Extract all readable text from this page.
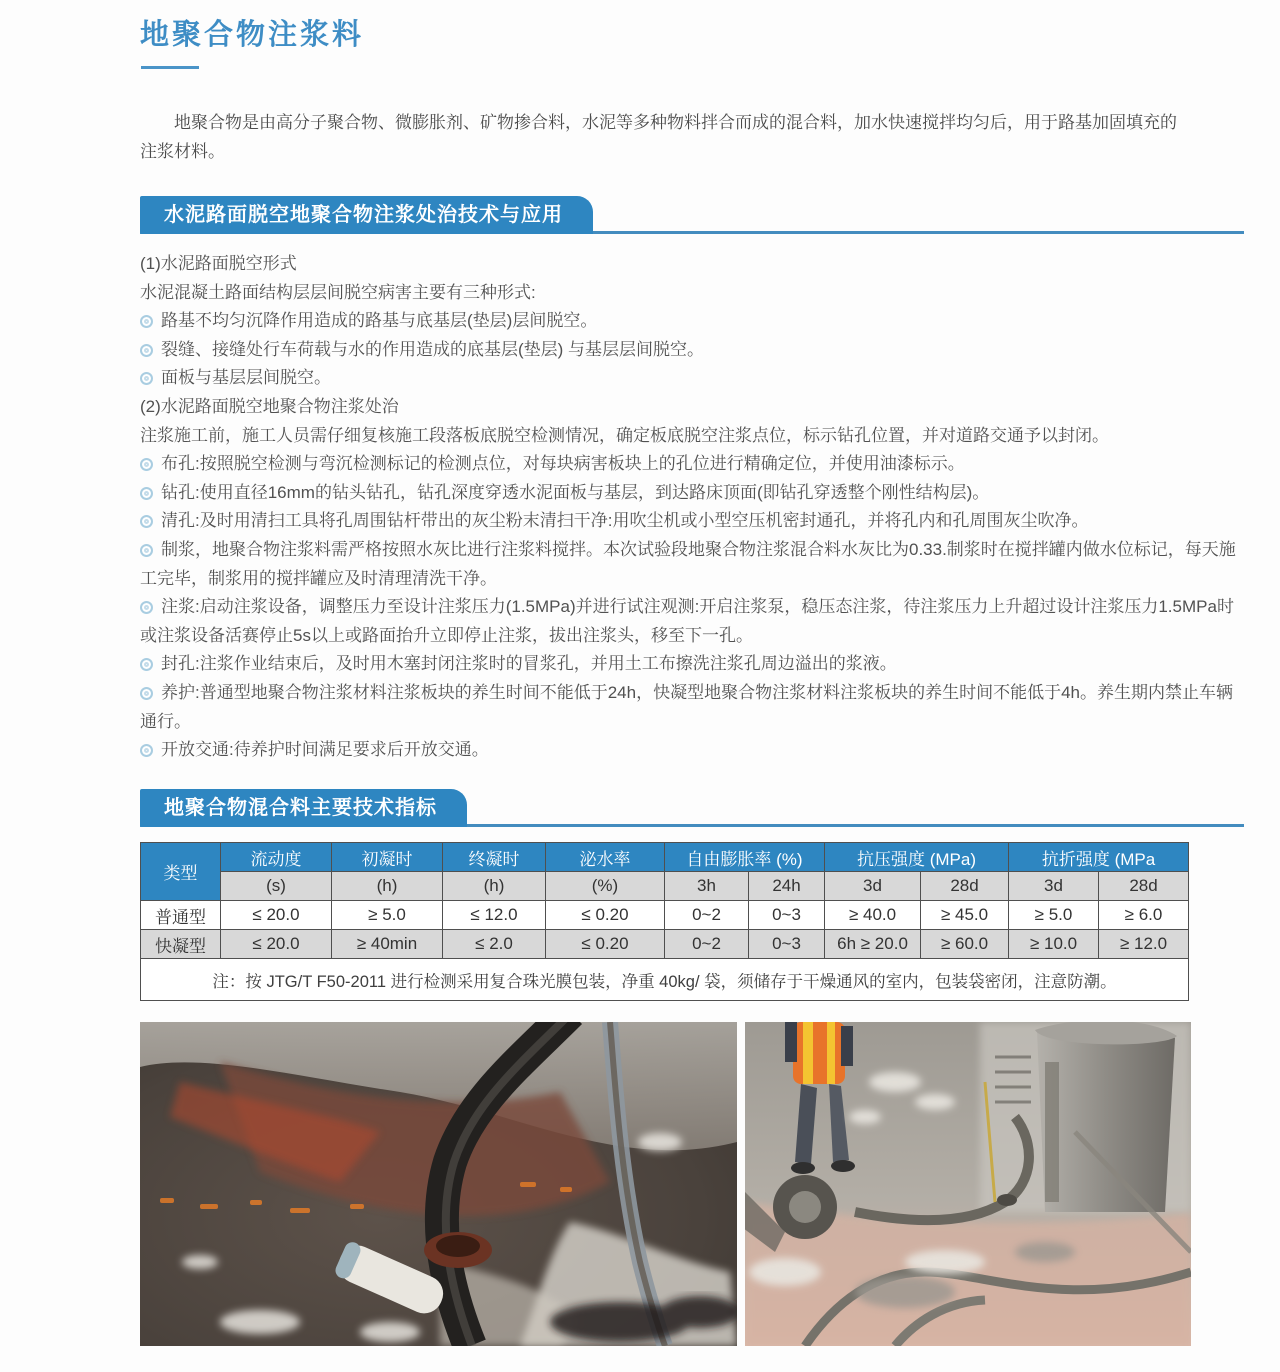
地聚合物注浆料
地聚合物是由高分子聚合物、微膨胀剂、矿物掺合料，水泥等多种物料拌合而成的混合料，加水快速搅拌均匀后，用于路基加固填充的注浆材料。
水泥路面脱空地聚合物注浆处治技术与应用

(1)水泥路面脱空形式

水泥混凝土路面结构层层间脱空病害主要有三种形式:

路基不均匀沉降作用造成的路基与底基层(垫层)层间脱空。

裂缝、接缝处行车荷载与水的作用造成的底基层(垫层) 与基层层间脱空。

面板与基层层间脱空。

(2)水泥路面脱空地聚合物注浆处治

注浆施工前，施工人员需仔细复核施工段落板底脱空检测情况，确定板底脱空注浆点位，标示钻孔位置，并对道路交通予以封闭。

布孔:按照脱空检测与弯沉检测标记的检测点位，对每块病害板块上的孔位进行精确定位，并使用油漆标示。

钻孔:使用直径16mm的钻头钻孔，钻孔深度穿透水泥面板与基层，到达路床顶面(即钻孔穿透整个刚性结构层)。

清孔:及时用清扫工具将孔周围钻杆带出的灰尘粉末清扫干净:用吹尘机或小型空压机密封通孔，并将孔内和孔周围灰尘吹净。

制浆，地聚合物注浆料需严格按照水灰比进行注浆料搅拌。本次试验段地聚合物注浆混合料水灰比为0.33.制浆时在搅拌罐内做水位标记，每天施工完毕，制浆用的搅拌罐应及时清理清洗干净。

注浆:启动注浆设备，调整压力至设计注浆压力(1.5MPa)并进行试注观测:开启注浆泵，稳压态注浆，待注浆压力上升超过设计注浆压力1.5MPa时或注浆设备活赛停止5s以上或路面抬升立即停止注浆，拔出注浆头，移至下一孔。

封孔:注浆作业结束后，及时用木塞封闭注浆时的冒浆孔，并用土工布擦洗注浆孔周边溢出的浆液。

养护:普通型地聚合物注浆材料注浆板块的养生时间不能低于24h，快凝型地聚合物注浆材料注浆板块的养生时间不能低于4h。养生期内禁止车辆通行。

开放交通:待养护时间满足要求后开放交通。

地聚合物混合料主要技术指标
类型	流动度	初凝时	终凝时	泌水率	自由膨胀率 (%)		抗压强度 (MPa)		抗折强度 (MPa	
	(s)	(h)	(h)	(%)	3h	24h	3d	28d	3d	28d
普通型	≤ 20.0	≥ 5.0	≤ 12.0	≤ 0.20	0~2	0~3	≥ 40.0	≥ 45.0	≥ 5.0	≥ 6.0
快凝型	≤ 20.0	≥ 40min	≤ 2.0	≤ 0.20	0~2	0~3	6h ≥ 20.0	≥ 60.0	≥ 10.0	≥ 12.0
注：按 JTG/T F50-2011 进行检测采用复合珠光膜包装，净重 40kg/ 袋，须储存于干燥通风的室内，包装袋密闭，注意防潮。										
